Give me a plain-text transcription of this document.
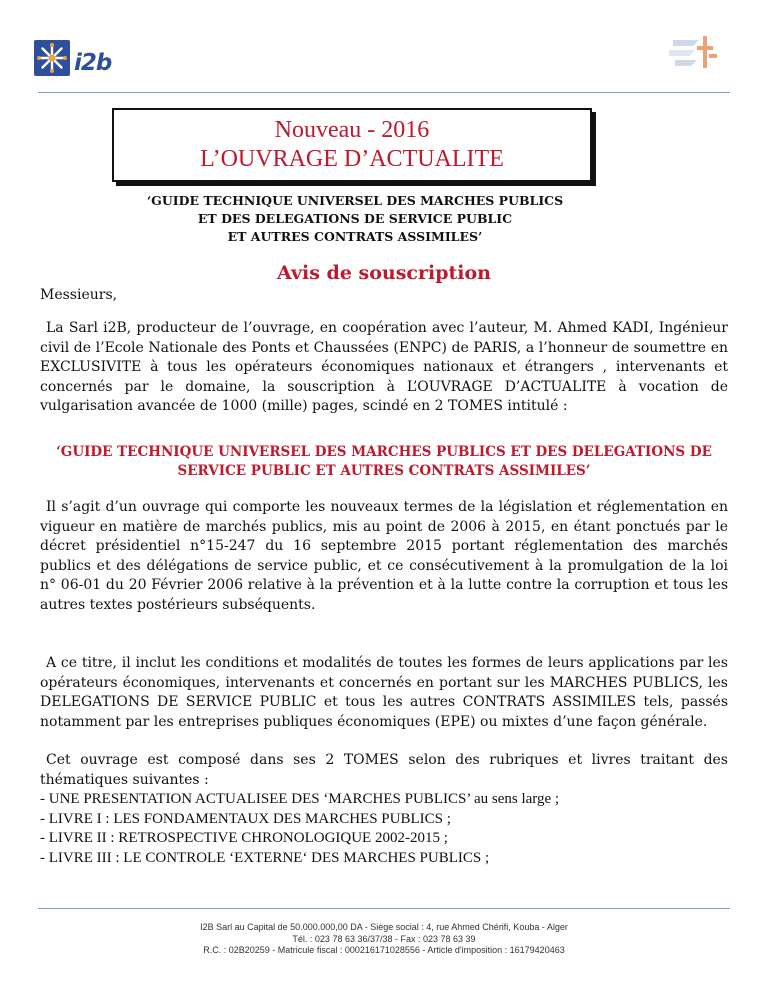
i2b
Nouveau - 2016
L’OUVRAGE D’ACTUALITE
‘GUIDE TECHNIQUE UNIVERSEL DES MARCHES PUBLICS
ET DES DELEGATIONS DE SERVICE PUBLIC
ET AUTRES CONTRATS ASSIMILES’
Avis de souscription
Messieurs,
La Sarl i2B, producteur de l’ouvrage, en coopération avec l’auteur, M. Ahmed KADI, Ingénieur civil de l’Ecole Nationale des Ponts et Chaussées (ENPC) de PARIS, a l’honneur de soumettre en EXCLUSIVITE à tous les opérateurs économiques nationaux et étrangers , intervenants et concernés par le domaine, la souscription à L’OUVRAGE D’ACTUALITE à vocation de vulgarisation avancée de 1000 (mille) pages, scindé en 2 TOMES intitulé :
‘GUIDE TECHNIQUE UNIVERSEL DES MARCHES PUBLICS ET DES DELEGATIONS DE SERVICE PUBLIC ET AUTRES CONTRATS ASSIMILES’
Il s’agit d’un ouvrage qui comporte les nouveaux termes de la législation et réglementation en vigueur en matière de marchés publics, mis au point de 2006 à 2015, en étant ponctués par le décret présidentiel n°15-247 du 16 septembre 2015 portant réglementation des marchés publics et des délégations de service public, et ce consécutivement à la promulgation de la loi n° 06-01 du 20 Février 2006 relative à la prévention et à la lutte contre la corruption et tous les autres textes postérieurs subséquents.
A ce titre, il inclut les conditions et modalités de toutes les formes de leurs applications par les opérateurs économiques, intervenants et concernés en portant sur les MARCHES PUBLICS, les DELEGATIONS DE SERVICE PUBLIC et tous les autres CONTRATS ASSIMILES tels, passés notamment par les entreprises publiques économiques (EPE) ou mixtes d’une façon générale.
Cet ouvrage est composé dans ses 2 TOMES selon des rubriques et livres traitant des thématiques suivantes :
- UNE PRESENTATION ACTUALISEE DES ‘MARCHES PUBLICS’ au sens large ;
- LIVRE I : LES FONDAMENTAUX DES MARCHES PUBLICS ;
- LIVRE II : RETROSPECTIVE CHRONOLOGIQUE 2002-2015 ;
- LIVRE III : LE CONTROLE ‘EXTERNE‘ DES MARCHES PUBLICS ;
I2B Sarl au Capital de 50.000.000,00 DA - Siège social : 4, rue Ahmed Chérifi, Kouba - Alger
Tél. : 023 78 63 36/37/38 - Fax : 023 78 63 39
R.C. : 02B20259 - Matricule fiscal : 000216171028556 - Article d'imposition : 16179420463
